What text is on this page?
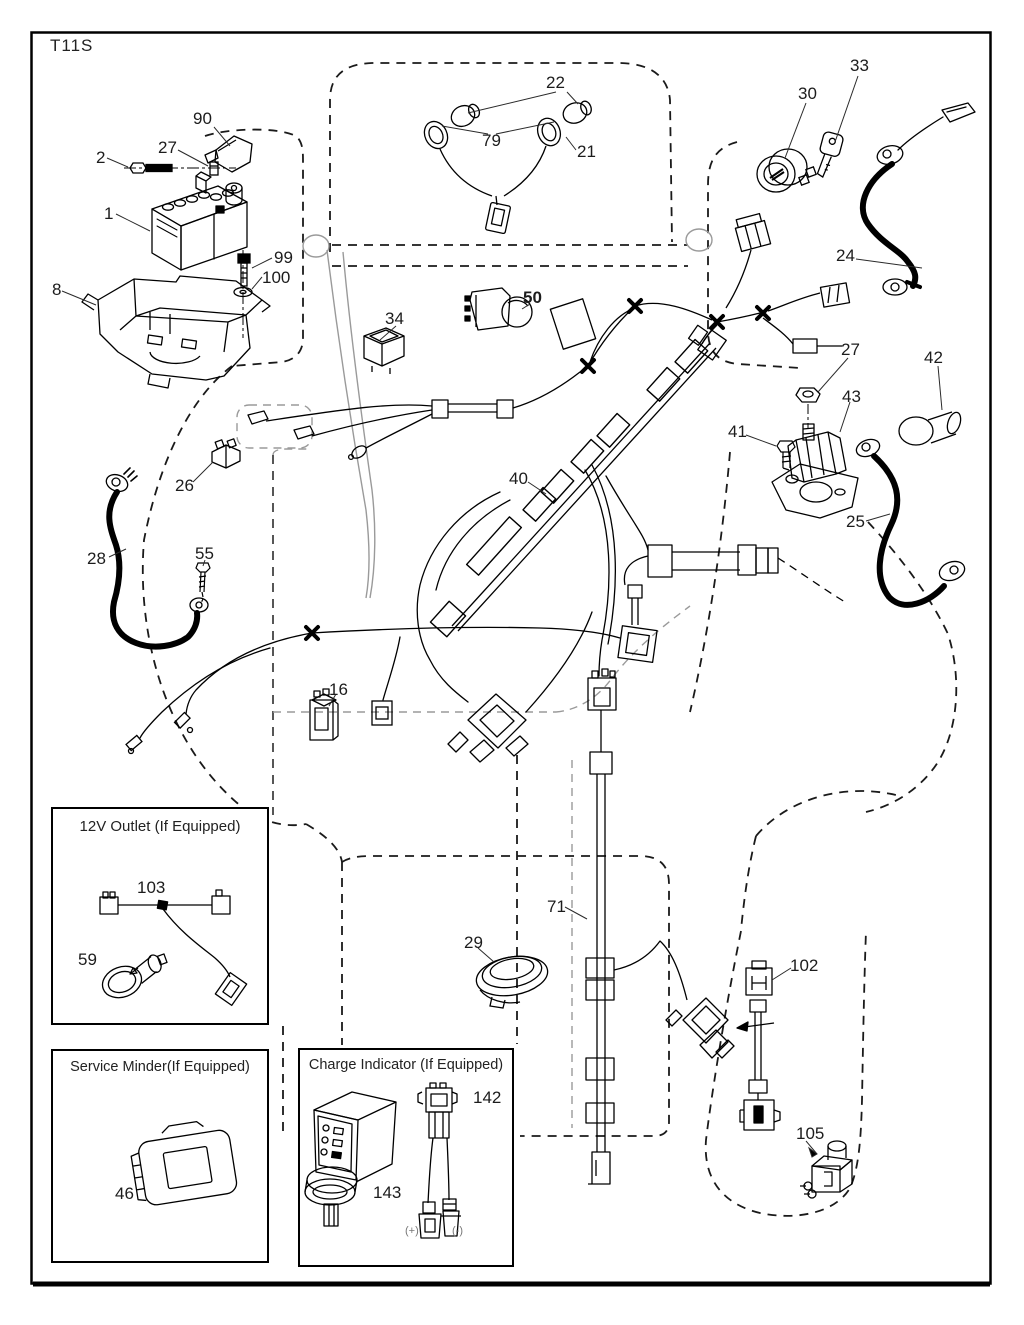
T11S
12V Outlet (If Equipped)
Service Minder(If Equipped)	Charge Indicator (If Equipped)
(+)	(-)
90
2
27
1
99
100
8
22
79
21
30
33
24
34
50
27	42
43
41
25
26	40
28	55
16
71
29
102
105
103
59
46
142
143
